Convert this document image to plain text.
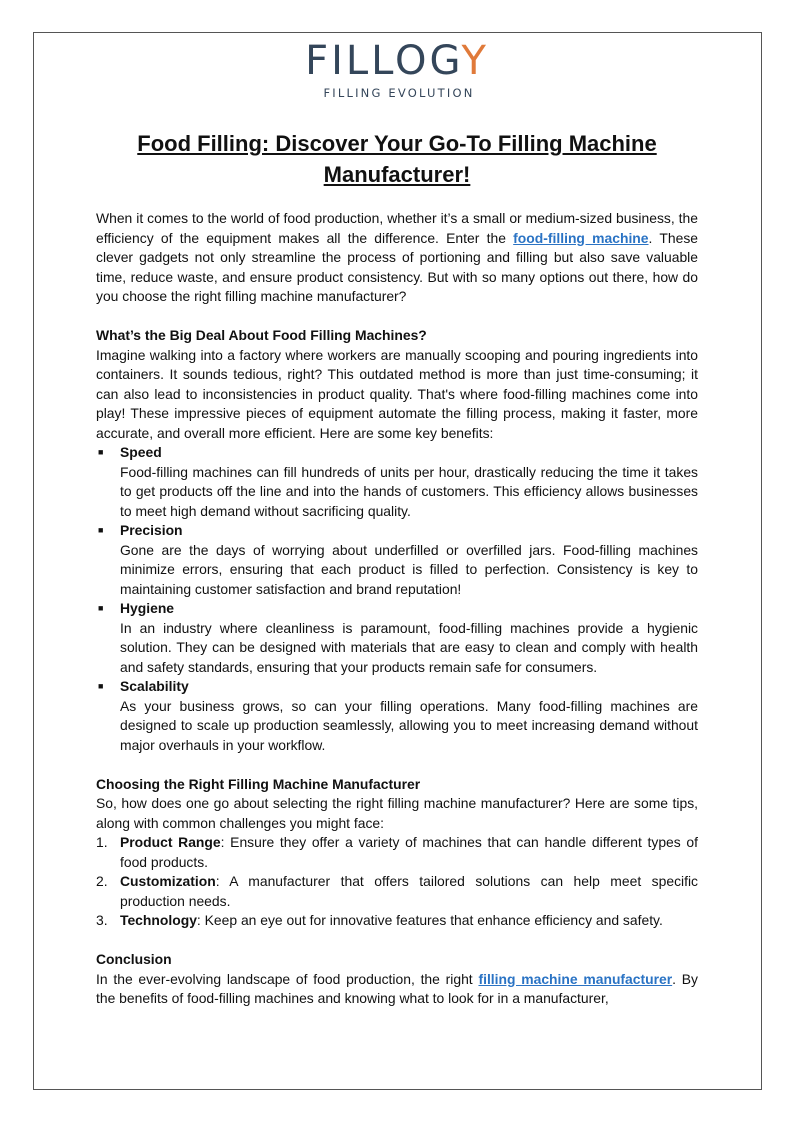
FILLOGY
FILLING EVOLUTION
Food Filling: Discover Your Go-To Filling Machine Manufacturer!

When it comes to the world of food production, whether it’s a small or medium-sized business, the efficiency of the equipment makes all the difference. Enter the food-filling machine. These clever gadgets not only streamline the process of portioning and filling but also save valuable time, reduce waste, and ensure product consistency. But with so many options out there, how do you choose the right filling machine manufacturer?

What’s the Big Deal About Food Filling Machines?

Imagine walking into a factory where workers are manually scooping and pouring ingredients into containers. It sounds tedious, right? This outdated method is more than just time-consuming; it can also lead to inconsistencies in product quality. That's where food-filling machines come into play! These impressive pieces of equipment automate the filling process, making it faster, more accurate, and overall more efficient. Here are some key benefits:

■ Speed
Food-filling machines can fill hundreds of units per hour, drastically reducing the time it takes to get products off the line and into the hands of customers. This efficiency allows businesses to meet high demand without sacrificing quality.
■ Precision
Gone are the days of worrying about underfilled or overfilled jars. Food-filling machines minimize errors, ensuring that each product is filled to perfection. Consistency is key to maintaining customer satisfaction and brand reputation!
■ Hygiene
In an industry where cleanliness is paramount, food-filling machines provide a hygienic solution. They can be designed with materials that are easy to clean and comply with health and safety standards, ensuring that your products remain safe for consumers.
■ Scalability
As your business grows, so can your filling operations. Many food-filling machines are designed to scale up production seamlessly, allowing you to meet increasing demand without major overhauls in your workflow.

Choosing the Right Filling Machine Manufacturer

So, how does one go about selecting the right filling machine manufacturer? Here are some tips, along with common challenges you might face:

1. Product Range: Ensure they offer a variety of machines that can handle different types of food products.
2. Customization: A manufacturer that offers tailored solutions can help meet specific production needs.
3. Technology: Keep an eye out for innovative features that enhance efficiency and safety.

Conclusion

In the ever-evolving landscape of food production, the right filling machine manufacturer. By the benefits of food-filling machines and knowing what to look for in a manufacturer,
